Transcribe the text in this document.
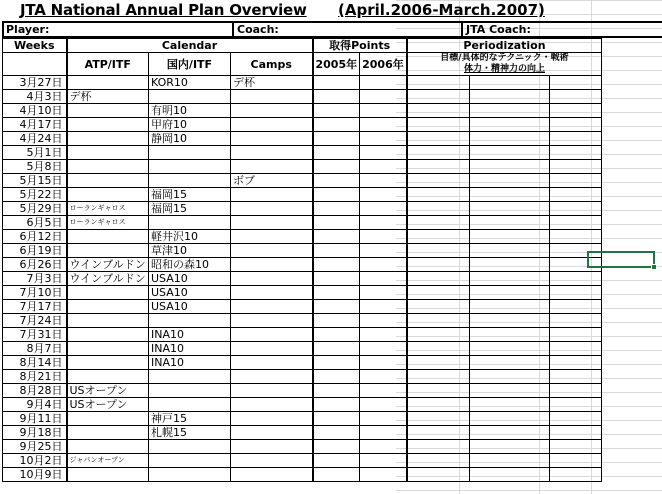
JTA National Annual Plan Overview (April.2006-March.2007)
Player:	Coach:	JTA Coach:
Weeks	Calendar			取得Points		Periodization		
	ATP/ITF	国内/ITF	Camps	2005年	2006年	目標/具体的なテクニック・戦術
体力・精神力の向上		

3月27日		KOR10	デ杯					
4月3日	デ杯							
4月10日		有明10						
4月17日		甲府10						
4月24日		静岡10						
5月1日								
5月8日								
5月15日			ボブ					
5月22日		福岡15						
5月29日	ローランギャロス	福岡15						
6月5日	ローランギャロス							
6月12日		軽井沢10						
6月19日		草津10						
6月26日	ウインブルドン	昭和の森10						
7月3日	ウインブルドン	USA10						
7月10日		USA10						
7月17日		USA10						
7月24日								
7月31日		INA10						
8月7日		INA10						
8月14日		INA10						
8月21日								
8月28日	USオープン							
9月4日	USオープン							
9月11日		神戸15						
9月18日		札幌15						
9月25日								
10月2日	ジャパンオープン							
10月9日								
